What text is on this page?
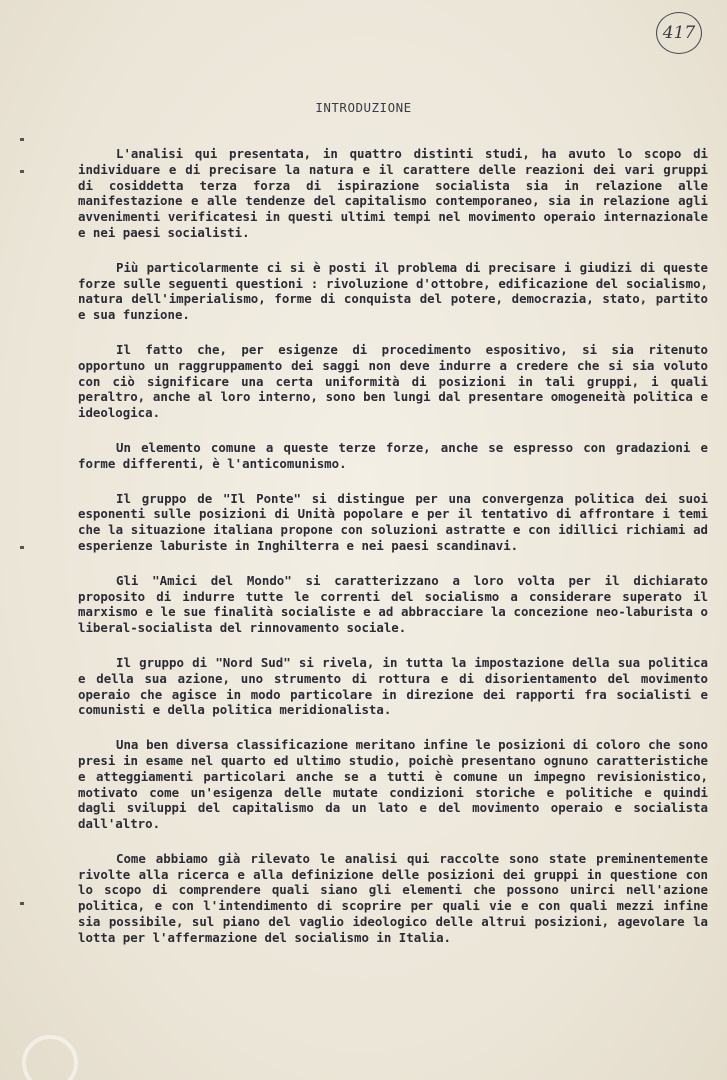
417
INTRODUZIONE

L'analisi qui presentata, in quattro distinti studi, ha avuto lo scopo di individuare e di precisare la natura e il carattere delle reazioni dei vari gruppi di cosiddetta terza forza di ispirazione socialista sia in relazione alle manifestazione e alle tendenze del capitalismo contemporaneo, sia in relazione agli avvenimenti verificatesi in questi ultimi tempi nel movimento operaio internazionale e nei paesi socialisti.

Più particolarmente ci si è posti il problema di precisare i giudizi di queste forze sulle seguenti questioni : rivoluzione d'ottobre, edificazione del socialismo, natura dell'imperialismo, forme di conquista del potere, democrazia, stato, partito e sua funzione.

Il fatto che, per esigenze di procedimento espositivo, si sia ritenuto opportuno un raggruppamento dei saggi non deve indurre a credere che si sia voluto con ciò significare una certa uniformità di posizioni in tali gruppi, i quali peraltro, anche al loro interno, sono ben lungi dal presentare omogeneità politica e ideologica.

Un elemento comune a queste terze forze, anche se espresso con gradazioni e forme differenti, è l'anticomunismo.

Il gruppo de "Il Ponte" si distingue per una convergenza politica dei suoi esponenti sulle posizioni di Unità popolare e per il tentativo di affrontare i temi che la situazione italiana propone con soluzioni astratte e con idillici richiami ad esperienze laburiste in Inghilterra e nei paesi scandinavi.

Gli "Amici del Mondo" si caratterizzano a loro volta per il dichiarato proposito di indurre tutte le correnti del socialismo a considerare superato il marxismo e le sue finalità socialiste e ad abbracciare la concezione neo-laburista o liberal-socialista del rinnovamento sociale.

Il gruppo di "Nord Sud" si rivela, in tutta la impostazione della sua politica e della sua azione, uno strumento di rottura e di disorientamento del movimento operaio che agisce in modo particolare in direzione dei rapporti fra socialisti e comunisti e della politica meridionalista.

Una ben diversa classificazione meritano infine le posizioni di coloro che sono presi in esame nel quarto ed ultimo studio, poichè presentano ognuno caratteristiche e atteggiamenti particolari anche se a tutti è comune un impegno revisionistico, motivato come un'esigenza delle mutate condizioni storiche e politiche e quindi dagli sviluppi del capitalismo da un lato e del movimento operaio e socialista dall'altro.

Come abbiamo già rilevato le analisi qui raccolte sono state preminentemente rivolte alla ricerca e alla definizione delle posizioni dei gruppi in questione con lo scopo di comprendere quali siano gli elementi che possono unirci nell'azione politica, e con l'intendimento di scoprire per quali vie e con quali mezzi infine sia possibile, sul piano del vaglio ideologico delle altrui posizioni, agevolare la lotta per l'affermazione del socialismo in Italia.
